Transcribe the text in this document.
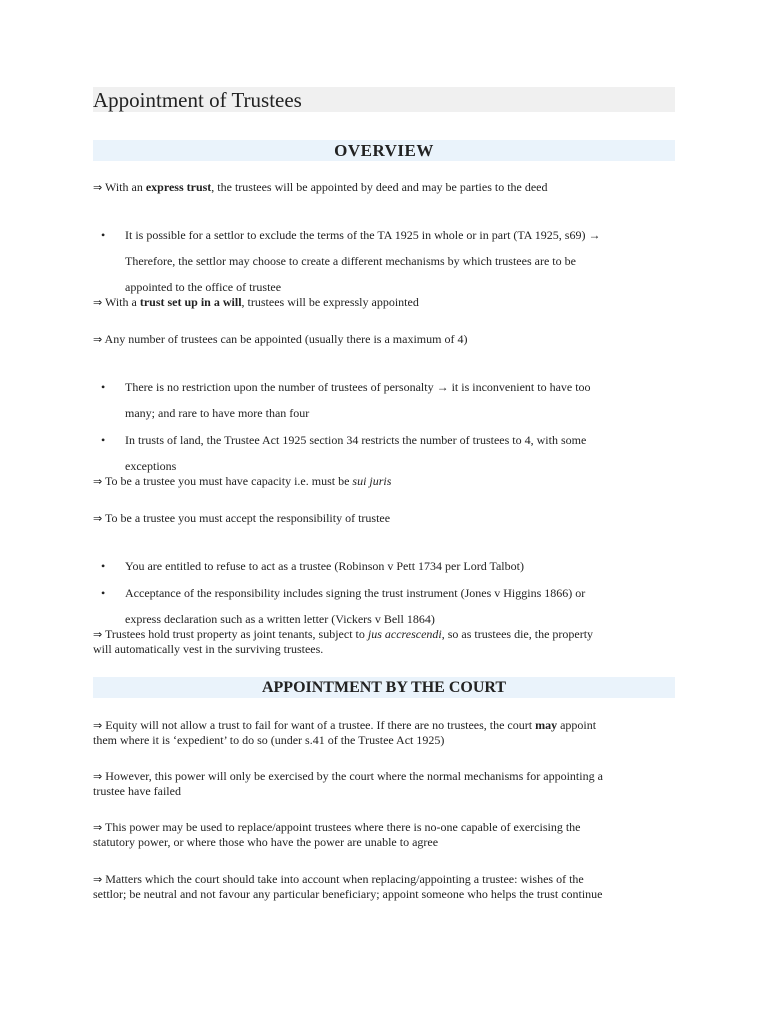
Appointment of Trustees
OVERVIEW

⇒ With an express trust, the trustees will be appointed by deed and may be parties to the deed

• It is possible for a settlor to exclude the terms of the TA 1925 in whole or in part (TA 1925, s69) →
Therefore, the settlor may choose to create a different mechanisms by which trustees are to be
appointed to the office of trustee

⇒ With a trust set up in a will, trustees will be expressly appointed

⇒ Any number of trustees can be appointed (usually there is a maximum of 4)

• There is no restriction upon the number of trustees of personalty → it is inconvenient to have too
many; and rare to have more than four
• In trusts of land, the Trustee Act 1925 section 34 restricts the number of trustees to 4, with some
exceptions

⇒ To be a trustee you must have capacity i.e. must be sui juris

⇒ To be a trustee you must accept the responsibility of trustee

• You are entitled to refuse to act as a trustee (Robinson v Pett 1734 per Lord Talbot)
• Acceptance of the responsibility includes signing the trust instrument (Jones v Higgins 1866) or
express declaration such as a written letter (Vickers v Bell 1864)

⇒ Trustees hold trust property as joint tenants, subject to jus accrescendi, so as trustees die, the property
will automatically vest in the surviving trustees.

APPOINTMENT BY THE COURT

⇒ Equity will not allow a trust to fail for want of a trustee. If there are no trustees, the court may appoint
them where it is ‘expedient’ to do so (under s.41 of the Trustee Act 1925)

⇒ However, this power will only be exercised by the court where the normal mechanisms for appointing a
trustee have failed

⇒ This power may be used to replace/appoint trustees where there is no-one capable of exercising the
statutory power, or where those who have the power are unable to agree

⇒ Matters which the court should take into account when replacing/appointing a trustee: wishes of the
settlor; be neutral and not favour any particular beneficiary; appoint someone who helps the trust continue
